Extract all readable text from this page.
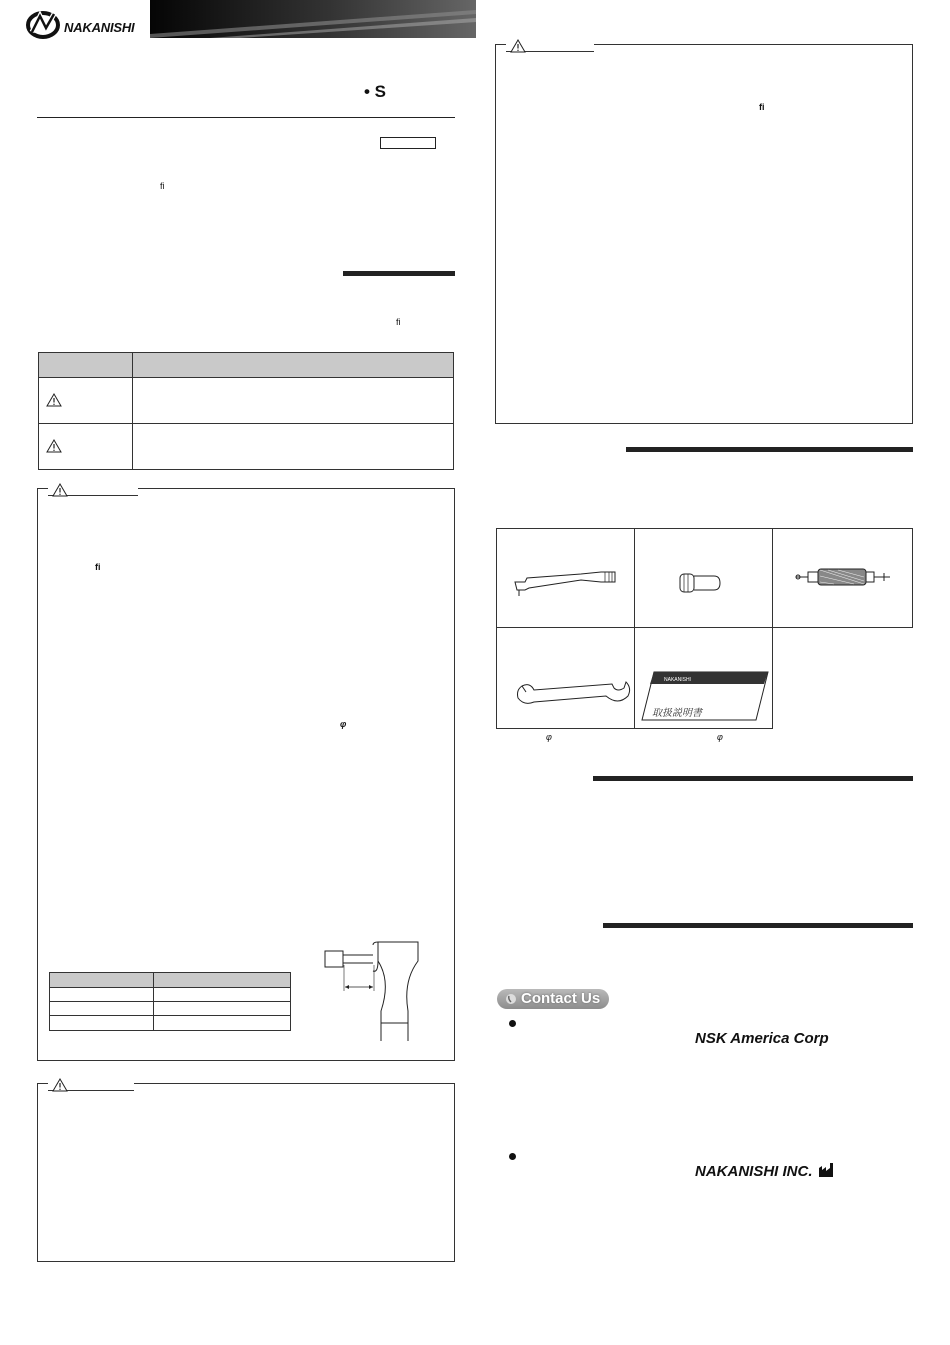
NAKANISHI
• S
fi
fi
fi
φ
fi
NAKANISHI
取扱説明書
φ	φ
Contact Us
NSK America Corp
NAKANISHI INC.
